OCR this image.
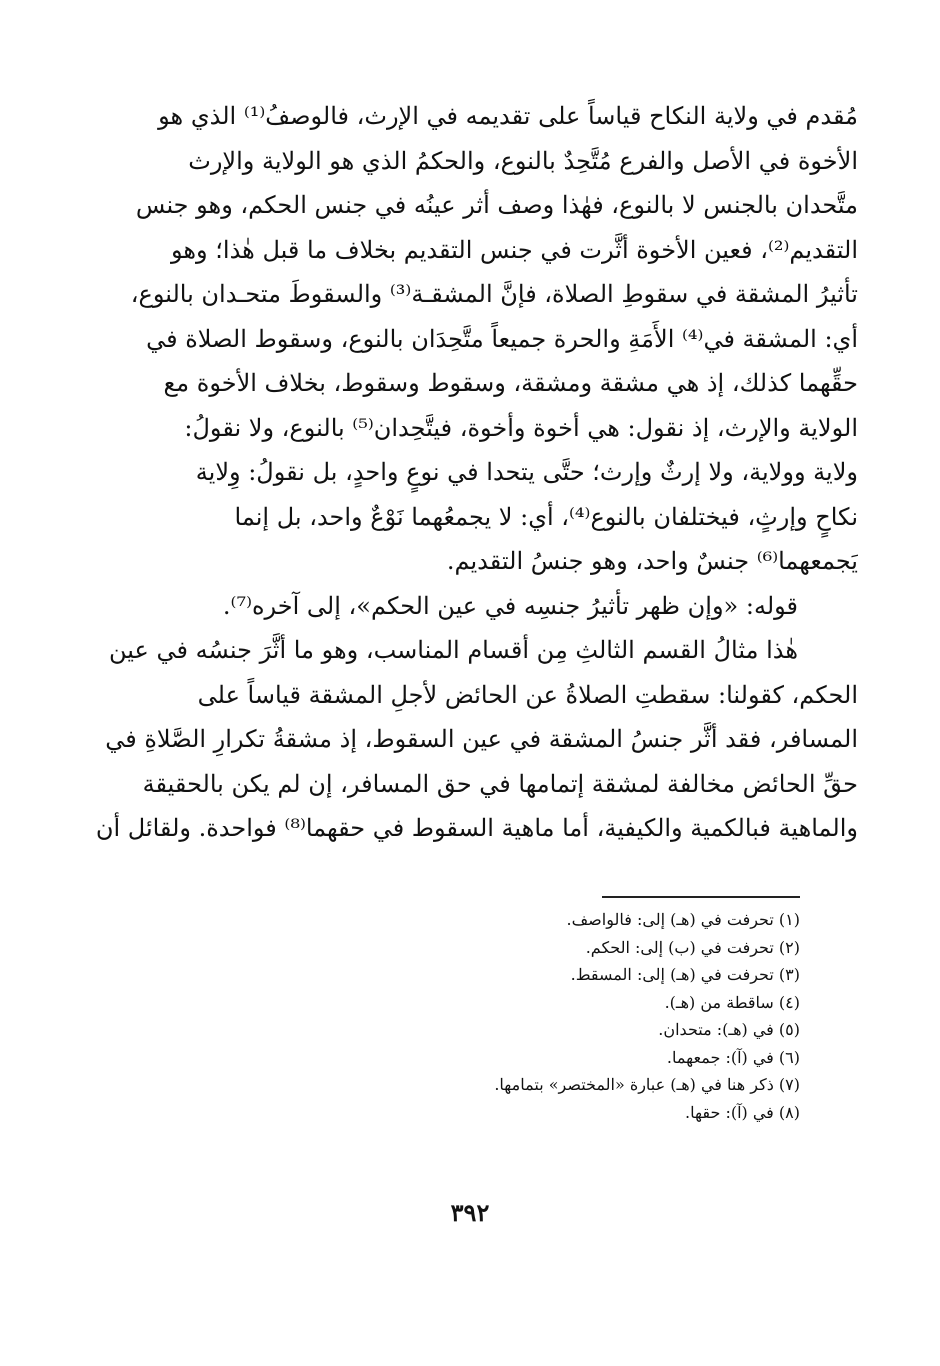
مُقدم في ولاية النكاح قياساً على تقديمه في الإرث، فالوصفُ⁽¹⁾ الذي هو
الأخوة في الأصل والفرع مُتَّحِدٌ بالنوع، والحكمُ الذي هو الولاية والإرث
متَّحدان بالجنس لا بالنوع، فهٰذا وصف أثر عينُه في جنس الحكم، وهو جنس
التقديم⁽²⁾، فعين الأخوة أثَّرت في جنس التقديم بخلاف ما قبل هٰذا؛ وهو
تأثيرُ المشقة في سقوطِ الصلاة، فإنَّ المشقـة⁽³⁾ والسقوطَ متحـدان بالنوع،
أي: المشقة في⁽⁴⁾ الأَمَةِ والحرة جميعاً متَّحِدَان بالنوع، وسقوط الصلاة في
حقِّهما كذلك، إذ هي مشقة ومشقة، وسقوط وسقوط، بخلاف الأخوة مع
الولاية والإرث، إذ نقول: هي أخوة وأخوة، فيتَّحِدان⁽⁵⁾ بالنوع، ولا نقولُ:
ولاية وولاية، ولا إرثٌ وإرث؛ حتَّى يتحدا في نوعٍ واحدٍ، بل نقولُ: وِلاية
نكاحٍ وإرثٍ، فيختلفان بالنوع⁽⁴⁾، أي: لا يجمعُهما نَوْعٌ واحد، بل إنما
يَجمعهما⁽⁶⁾ جنسٌ واحد، وهو جنسُ التقديم.
قوله: «وإن ظهر تأثيرُ جنسِه في عين الحكم»، إلى آخره⁽⁷⁾.
هٰذا مثالُ القسم الثالثِ مِن أقسام المناسب، وهو ما أثَّرَ جنسُه في عين
الحكم، كقولنا: سقطتِ الصلاةُ عن الحائض لأجلِ المشقة قياساً على
المسافر، فقد أثَّر جنسُ المشقة في عين السقوط، إذ مشقةُ تكرارِ الصَّلاةِ في
حقِّ الحائض مخالفة لمشقة إتمامها في حق المسافر، إن لم يكن بالحقيقة
والماهية فبالكمية والكيفية، أما ماهية السقوط في حقهما⁽⁸⁾ فواحدة. ولقائل أن
(١) تحرفت في (هـ) إلى: فالواصف.
(٢) تحرفت في (ب) إلى: الحكم.
(٣) تحرفت في (هـ) إلى: المسقط.
(٤) ساقطة من (هـ).
(٥) في (هـ): متحدان.
(٦) في (آ): جمعهما.
(٧) ذكر هنا في (هـ) عبارة «المختصر» بتمامها.
(٨) في (آ): حقها.
٣٩٢
